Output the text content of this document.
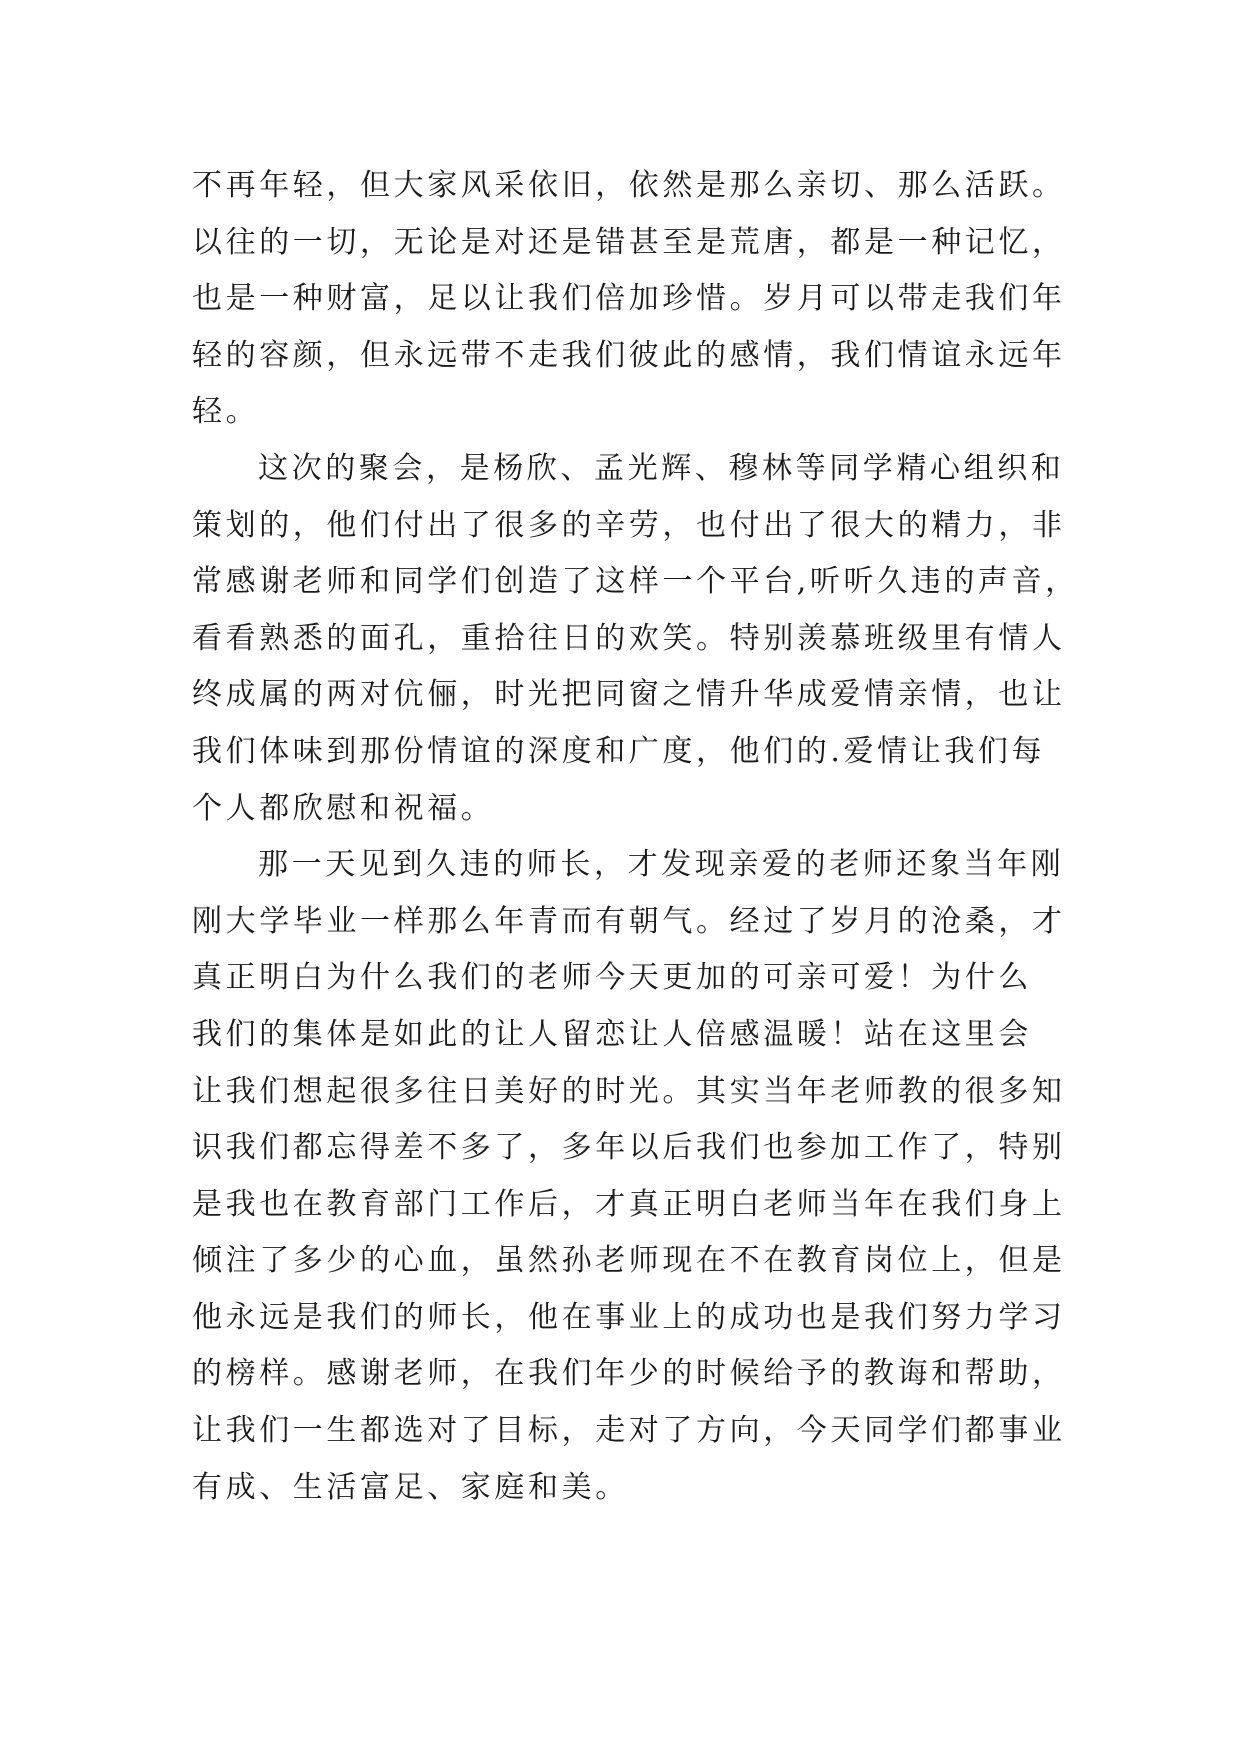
不再年轻，但大家风采依旧，依然是那么亲切、那么活跃。
以往的一切，无论是对还是错甚至是荒唐，都是一种记忆，
也是一种财富，足以让我们倍加珍惜。岁月可以带走我们年
轻的容颜，但永远带不走我们彼此的感情，我们情谊永远年
轻。
这次的聚会，是杨欣、孟光辉、穆林等同学精心组织和
策划的，他们付出了很多的辛劳，也付出了很大的精力，非
常感谢老师和同学们创造了这样一个平台,听听久违的声音，
看看熟悉的面孔，重拾往日的欢笑。特别羡慕班级里有情人
终成属的两对伉俪，时光把同窗之情升华成爱情亲情，也让
我们体味到那份情谊的深度和广度，他们的.爱情让我们每
个人都欣慰和祝福。
那一天见到久违的师长，才发现亲爱的老师还象当年刚
刚大学毕业一样那么年青而有朝气。经过了岁月的沧桑，才
真正明白为什么我们的老师今天更加的可亲可爱！为什么
我们的集体是如此的让人留恋让人倍感温暖！站在这里会
让我们想起很多往日美好的时光。其实当年老师教的很多知
识我们都忘得差不多了，多年以后我们也参加工作了，特别
是我也在教育部门工作后，才真正明白老师当年在我们身上
倾注了多少的心血，虽然孙老师现在不在教育岗位上，但是
他永远是我们的师长，他在事业上的成功也是我们努力学习
的榜样。感谢老师，在我们年少的时候给予的教诲和帮助，
让我们一生都选对了目标，走对了方向，今天同学们都事业
有成、生活富足、家庭和美。
